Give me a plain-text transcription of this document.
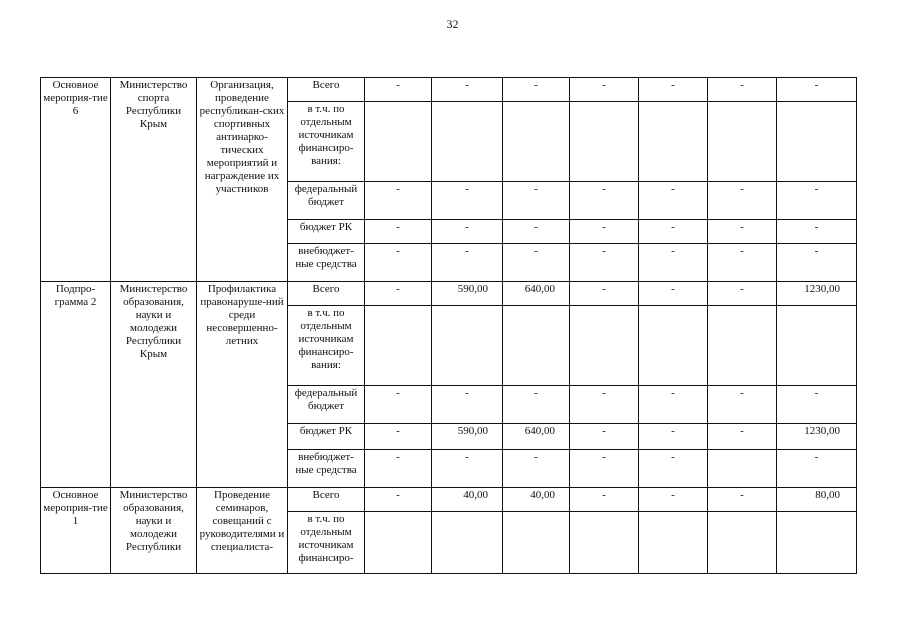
32
Основное мероприя-тие 6	Министерство спорта Республики Крым	Организация, проведение республикан-ских спортивных антинарко-тических мероприятий и награждение их участников	Всего	-	-	-	-	-	-	-
			в т.ч. по отдельным источникам финансиро-вания:							
			федеральный бюджет	-	-	-	-	-	-	-
			бюджет РК	-	-	-	-	-	-	-
			внебюджет-ные средства	-	-	-	-	-	-	-
Подпро-грамма 2	Министерство образования, науки и молодежи Республики Крым	Профилактика правонаруше-ний среди несовершенно-летних	Всего	-	590,00	640,00	-	-	-	1230,00
			в т.ч. по отдельным источникам финансиро-вания:							
			федеральный бюджет	-	-	-	-	-	-	-
			бюджет РК	-	590,00	640,00	-	-	-	1230,00
			внебюджет-ные средства	-	-	-	-	-		-
Основное мероприя-тие 1	Министерство образования, науки и молодежи Республики	Проведение семинаров, совещаний с руководителями и специалиста-	Всего	-	40,00	40,00	-	-	-	80,00
			в т.ч. по отдельным источникам финансиро-							
